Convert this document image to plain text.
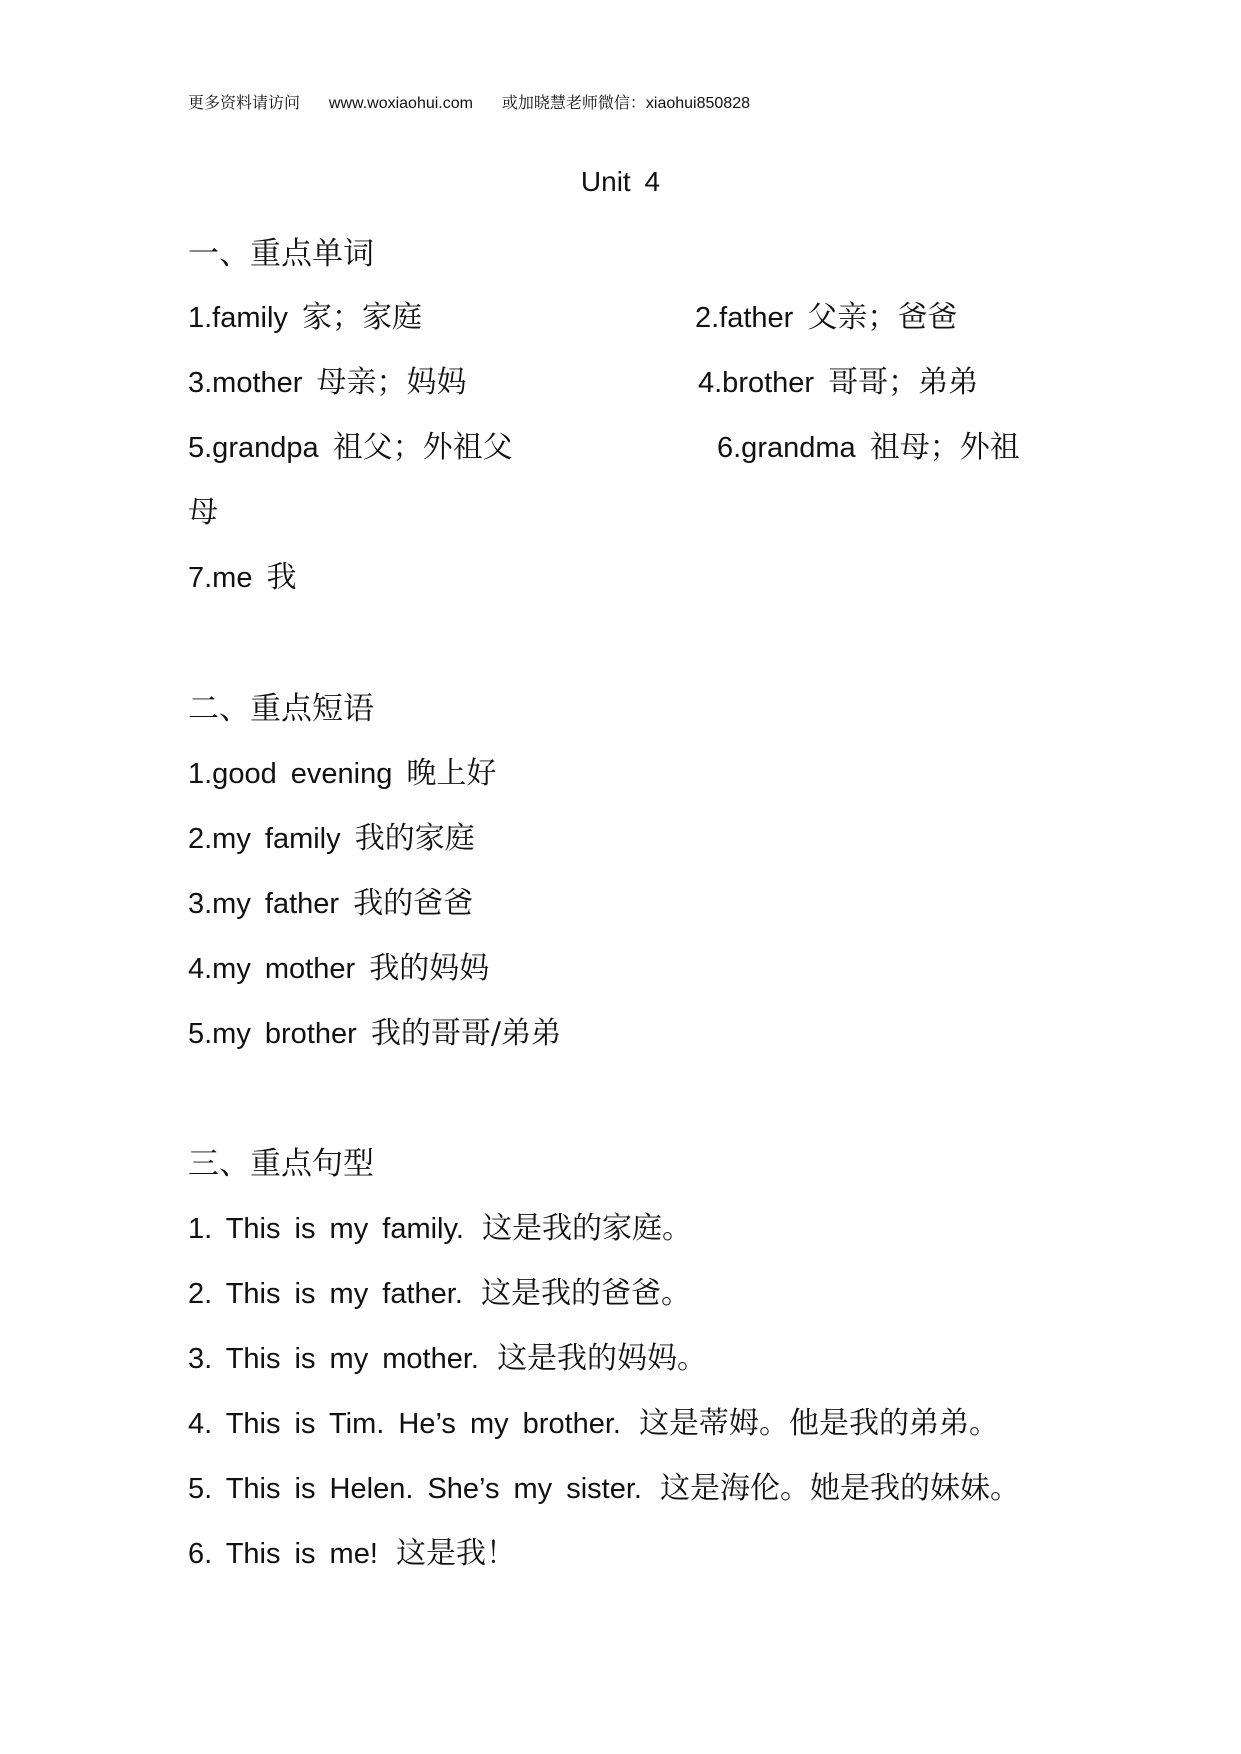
更多资料请访问 www.woxiaohui.com 或加晓慧老师微信：xiaohui850828
Unit 4
一、重点单词
1.family 家；家庭	2.father 父亲；爸爸
3.mother 母亲；妈妈	4.brother 哥哥；弟弟
5.grandpa 祖父；外祖父	6.grandma 祖母；外祖
母
7.me 我
二、重点短语
1.good evening 晚上好
2.my family 我的家庭
3.my father 我的爸爸
4.my mother 我的妈妈
5.my brother 我的哥哥/弟弟
三、重点句型
1. This is my family. 这是我的家庭。
2. This is my father. 这是我的爸爸。
3. This is my mother. 这是我的妈妈。
4. This is Tim. He’s my brother. 这是蒂姆。他是我的弟弟。
5. This is Helen. She’s my sister. 这是海伦。她是我的妹妹。
6. This is me! 这是我！
